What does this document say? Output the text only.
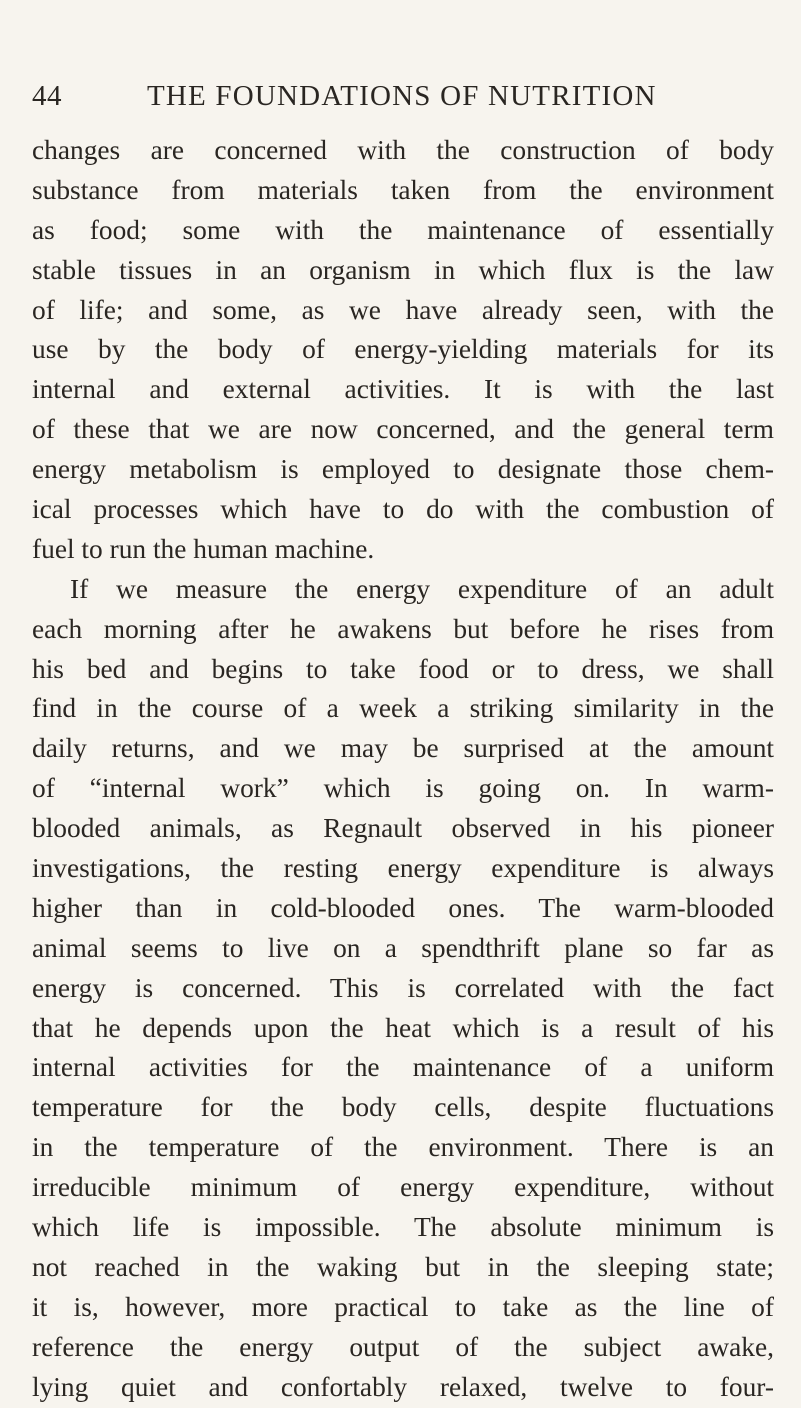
44	THE FOUNDATIONS OF NUTRITION
changes are concerned with the construction of body
substance from materials taken from the environment
as food; some with the maintenance of essentially
stable tissues in an organism in which flux is the law
of life; and some, as we have already seen, with the
use by the body of energy-yielding materials for its
internal and external activities. It is with the last
of these that we are now concerned, and the general term
energy metabolism is employed to designate those chem-
ical processes which have to do with the combustion of
fuel to run the human machine.
If we measure the energy expenditure of an adult
each morning after he awakens but before he rises from
his bed and begins to take food or to dress, we shall
find in the course of a week a striking similarity in the
daily returns, and we may be surprised at the amount
of “internal work” which is going on. In warm-
blooded animals, as Regnault observed in his pioneer
investigations, the resting energy expenditure is always
higher than in cold-blooded ones. The warm-blooded
animal seems to live on a spendthrift plane so far as
energy is concerned. This is correlated with the fact
that he depends upon the heat which is a result of his
internal activities for the maintenance of a uniform
temperature for the body cells, despite fluctuations
in the temperature of the environment. There is an
irreducible minimum of energy expenditure, without
which life is impossible. The absolute minimum is
not reached in the waking but in the sleeping state;
it is, however, more practical to take as the line of
reference the energy output of the subject awake,
lying quiet and confortably relaxed, twelve to four-
